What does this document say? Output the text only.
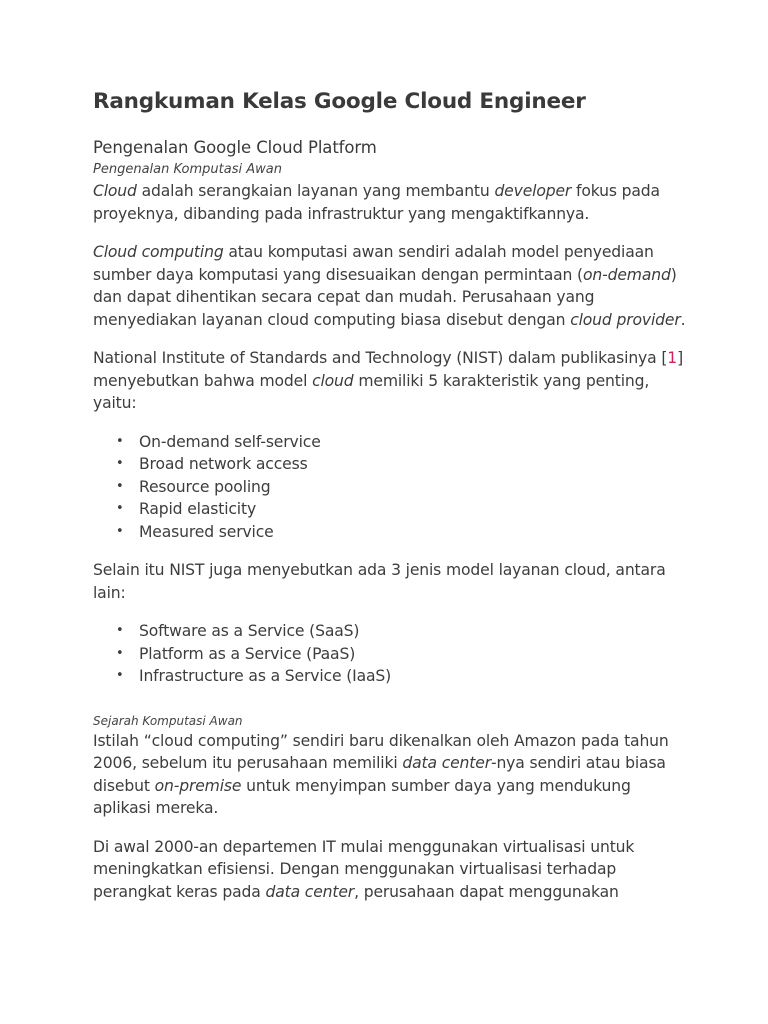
Rangkuman Kelas Google Cloud Engineer
Pengenalan Google Cloud Platform
Pengenalan Komputasi Awan

Cloud adalah serangkaian layanan yang membantu developer fokus pada proyeknya, dibanding pada infrastruktur yang mengaktifkannya.

Cloud computing atau komputasi awan sendiri adalah model penyediaan sumber daya komputasi yang disesuaikan dengan permintaan (on-demand) dan dapat dihentikan secara cepat dan mudah. Perusahaan yang menyediakan layanan cloud computing biasa disebut dengan cloud provider.

National Institute of Standards and Technology (NIST) dalam publikasinya [1] menyebutkan bahwa model cloud memiliki 5 karakteristik yang penting, yaitu:

• On-demand self-service
• Broad network access
• Resource pooling
• Rapid elasticity
• Measured service

Selain itu NIST juga menyebutkan ada 3 jenis model layanan cloud, antara lain:

• Software as a Service (SaaS)
• Platform as a Service (PaaS)
• Infrastructure as a Service (IaaS)
Sejarah Komputasi Awan

Istilah “cloud computing” sendiri baru dikenalkan oleh Amazon pada tahun 2006, sebelum itu perusahaan memiliki data center-nya sendiri atau biasa disebut on-premise untuk menyimpan sumber daya yang mendukung aplikasi mereka.

Di awal 2000-an departemen IT mulai menggunakan virtualisasi untuk meningkatkan efisiensi. Dengan menggunakan virtualisasi terhadap perangkat keras pada data center, perusahaan dapat menggunakan
